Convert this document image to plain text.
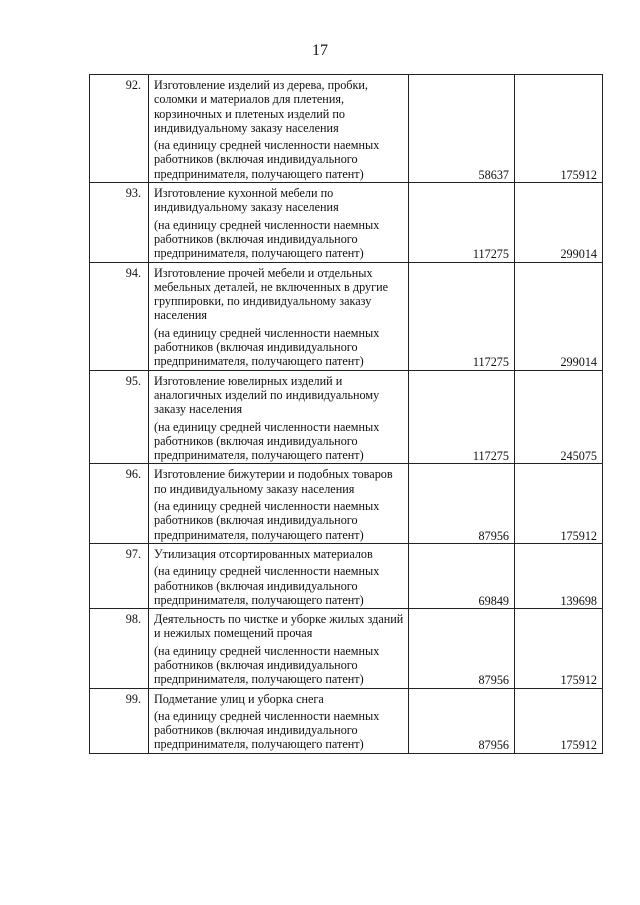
17
92.	Изготовление изделий из дерева, пробки, соломки и материалов для плетения, корзиночных и плетеных изделий по индивидуальному заказу населения
(на единицу средней численности наемных работников (включая индивидуального предпринимателя, получающего патент)	58637	175912
93.	Изготовление кухонной мебели по индивидуальному заказу населения
(на единицу средней численности наемных работников (включая индивидуального предпринимателя, получающего патент)	117275	299014
94.	Изготовление прочей мебели и отдельных мебельных деталей, не включенных в другие группировки, по индивидуальному заказу населения
(на единицу средней численности наемных работников (включая индивидуального предпринимателя, получающего патент)	117275	299014
95.	Изготовление ювелирных изделий и аналогичных изделий по индивидуальному заказу населения
(на единицу средней численности наемных работников (включая индивидуального предпринимателя, получающего патент)	117275	245075
96.	Изготовление бижутерии и подобных товаров по индивидуальному заказу населения
(на единицу средней численности наемных работников (включая индивидуального предпринимателя, получающего патент)	87956	175912
97.	Утилизация отсортированных материалов
(на единицу средней численности наемных работников (включая индивидуального предпринимателя, получающего патент)	69849	139698
98.	Деятельность по чистке и уборке жилых зданий и нежилых помещений прочая
(на единицу средней численности наемных работников (включая индивидуального предпринимателя, получающего патент)	87956	175912
99.	Подметание улиц и уборка снега
(на единицу средней численности наемных работников (включая индивидуального предпринимателя, получающего патент)	87956	175912
